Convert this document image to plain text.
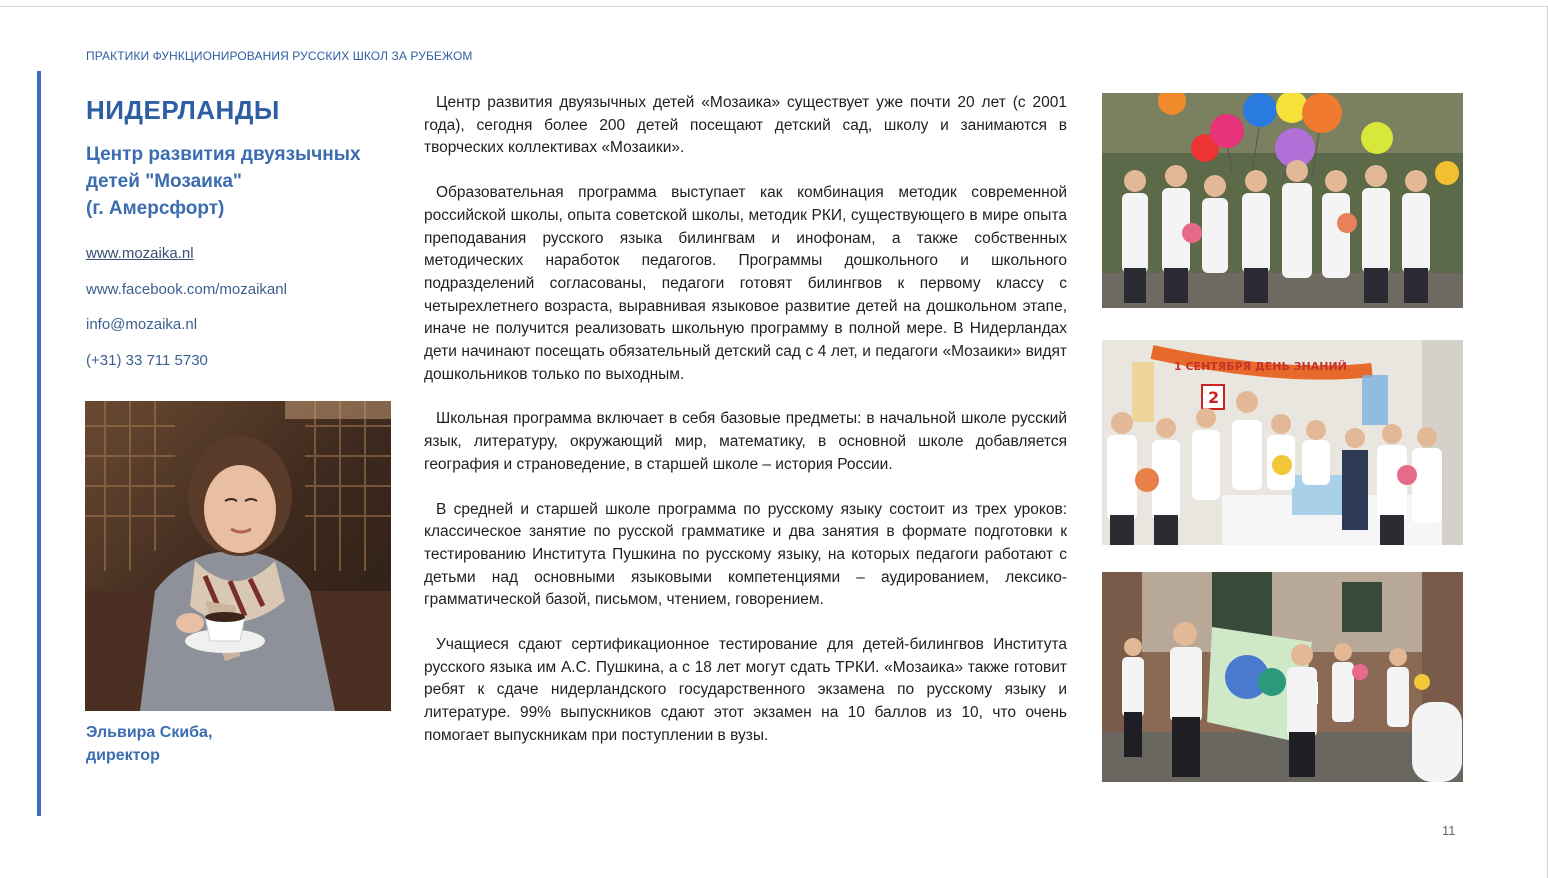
ПРАКТИКИ ФУНКЦИОНИРОВАНИЯ РУССКИХ ШКОЛ ЗА РУБЕЖОМ
НИДЕРЛАНДЫ
Центр развития двуязычных
детей "Мозаика"
(г. Амерсфорт)
www.mozaika.nl
www.facebook.com/mozaikanl
info@mozaika.nl
(+31) 33 711 5730
Эльвира Скиба,
директор

Центр развития двуязычных детей «Мозаика» существует уже почти 20 лет (с 2001 года), сегодня более 200 детей посещают детский сад, школу и занимаются в творческих коллективах «Мозаики».

Образовательная программа выступает как комбинация методик современной российской школы, опыта советской школы, методик РКИ, существующего в мире опыта преподавания русского языка билингвам и инофонам, а также собственных методических наработок педагогов. Программы дошкольного и школьного подразделений согласованы, педагоги готовят билингвов к первому классу с четырехлетнего возраста, выравнивая языковое развитие детей на дошкольном этапе, иначе не получится реализовать школьную программу в полной мере. В Нидерландах дети начинают посещать обязательный детский сад с 4 лет, и педагоги «Мозаики» видят дошкольников только по выходным.

Школьная программа включает в себя базовые предметы: в начальной школе русский язык, литературу, окружающий мир, математику, в основной школе добавляется география и страноведение, в старшей школе – история России.

В средней и старшей школе программа по русскому языку состоит из трех уроков: классическое занятие по русской грамматике и два занятия в формате подготовки к тестированию Института Пушкина по русскому языку, на которых педагоги работают с детьми над основными языковыми компетенциями – аудированием, лексико-грамматической базой, письмом, чтением, говорением.

Учащиеся сдают сертификационное тестирование для детей-билингвов Института русского языка им А.С. Пушкина, а с 18 лет могут сдать ТРКИ. «Мозаика» также готовит ребят к сдаче нидерландского государственного экзамена по русскому языку и литературе. 99% выпускников сдают этот экзамен на 10 баллов из 10, что очень помогает выпускникам при поступлении в вузы.

1 СЕНТЯБРЯ ДЕНЬ ЗНАНИЙ
2
11
